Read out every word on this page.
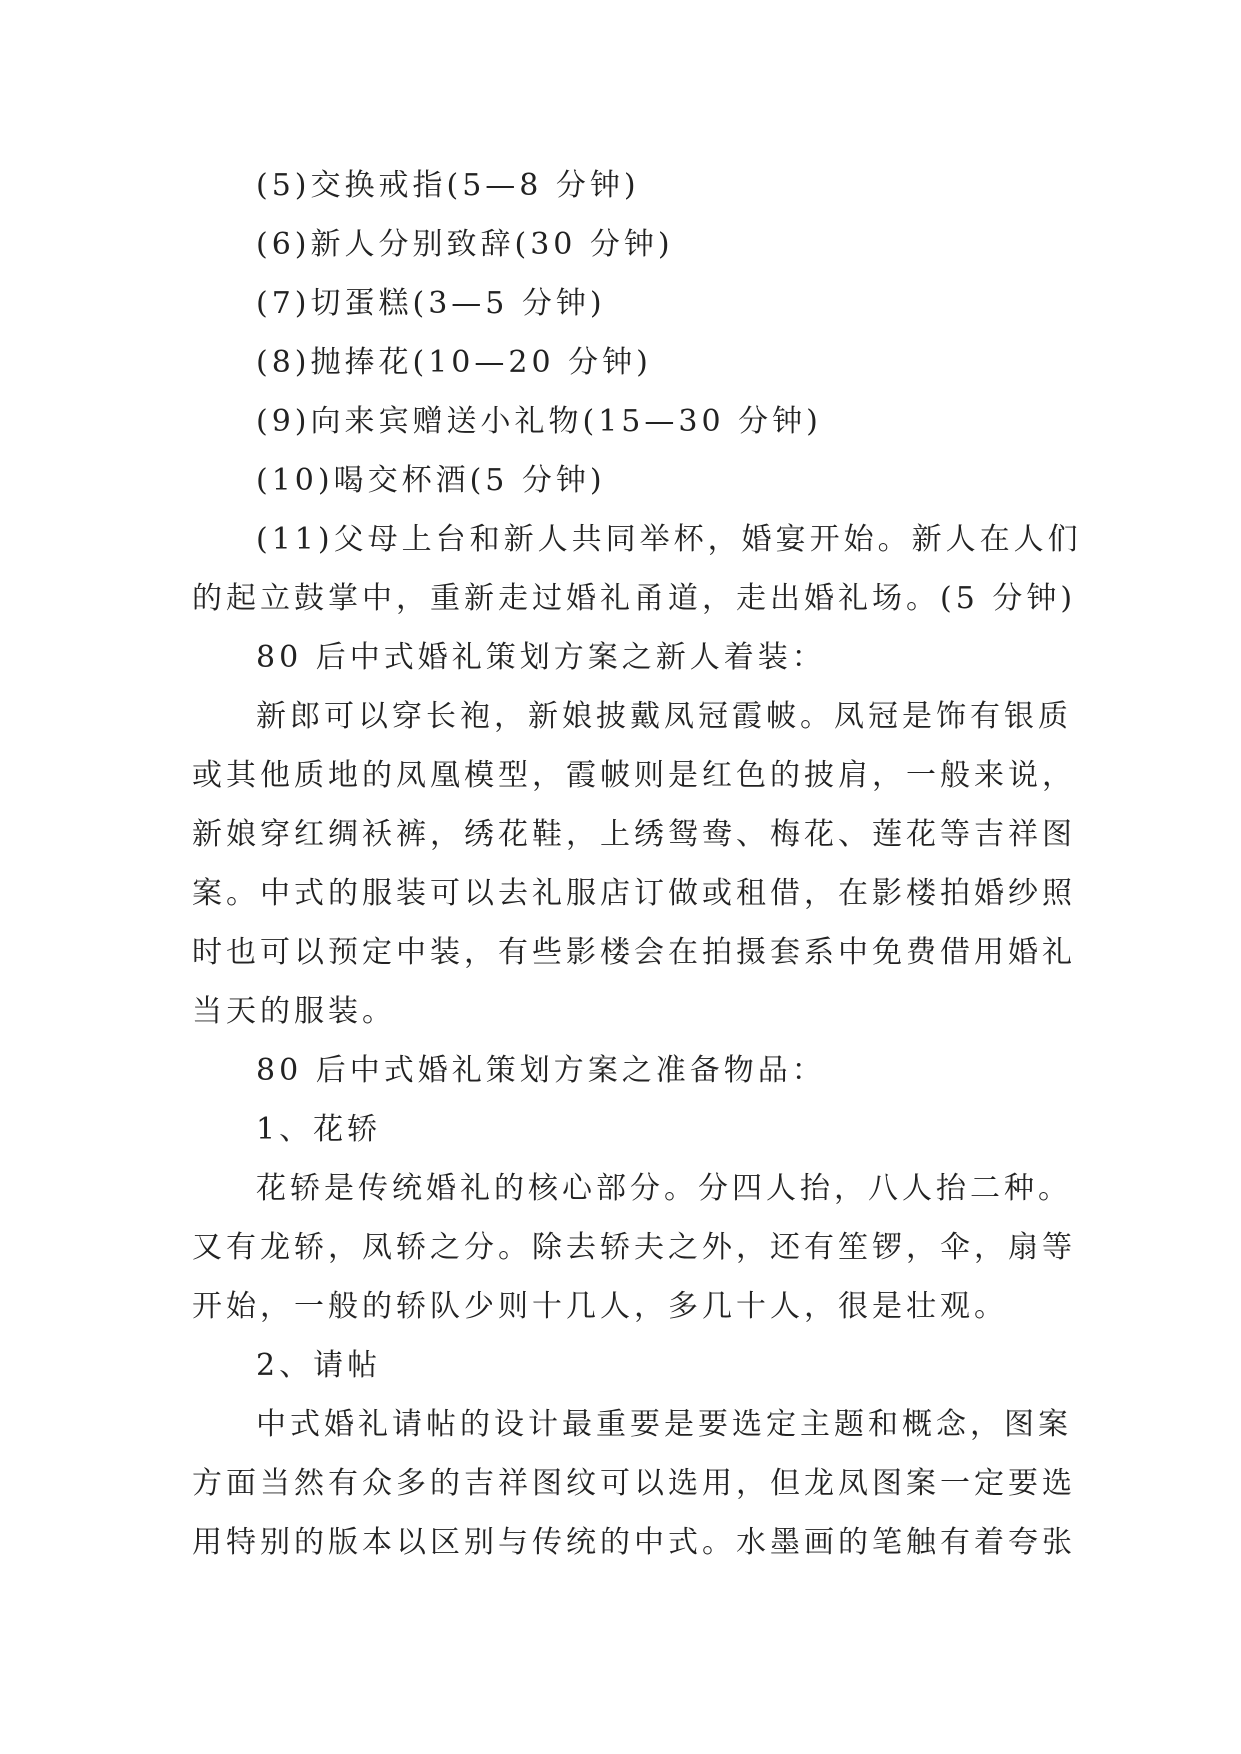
(5)交换戒指(5—8 分钟)
(6)新人分别致辞(30 分钟)
(7)切蛋糕(3—5 分钟)
(8)抛捧花(10—20 分钟)
(9)向来宾赠送小礼物(15—30 分钟)
(10)喝交杯酒(5 分钟)
(11)父母上台和新人共同举杯，婚宴开始。新人在人们
的起立鼓掌中，重新走过婚礼甬道，走出婚礼场。(5 分钟)
80 后中式婚礼策划方案之新人着装：
新郎可以穿长袍，新娘披戴凤冠霞帔。凤冠是饰有银质
或其他质地的凤凰模型，霞帔则是红色的披肩，一般来说，
新娘穿红绸袄裤，绣花鞋，上绣鸳鸯、梅花、莲花等吉祥图
案。中式的服装可以去礼服店订做或租借，在影楼拍婚纱照
时也可以预定中装，有些影楼会在拍摄套系中免费借用婚礼
当天的服装。
80 后中式婚礼策划方案之准备物品：
1、花轿
花轿是传统婚礼的核心部分。分四人抬，八人抬二种。
又有龙轿，凤轿之分。除去轿夫之外，还有笙锣，伞，扇等
开始，一般的轿队少则十几人，多几十人，很是壮观。
2、请帖
中式婚礼请帖的设计最重要是要选定主题和概念，图案
方面当然有众多的吉祥图纹可以选用，但龙凤图案一定要选
用特别的版本以区别与传统的中式。水墨画的笔触有着夸张
